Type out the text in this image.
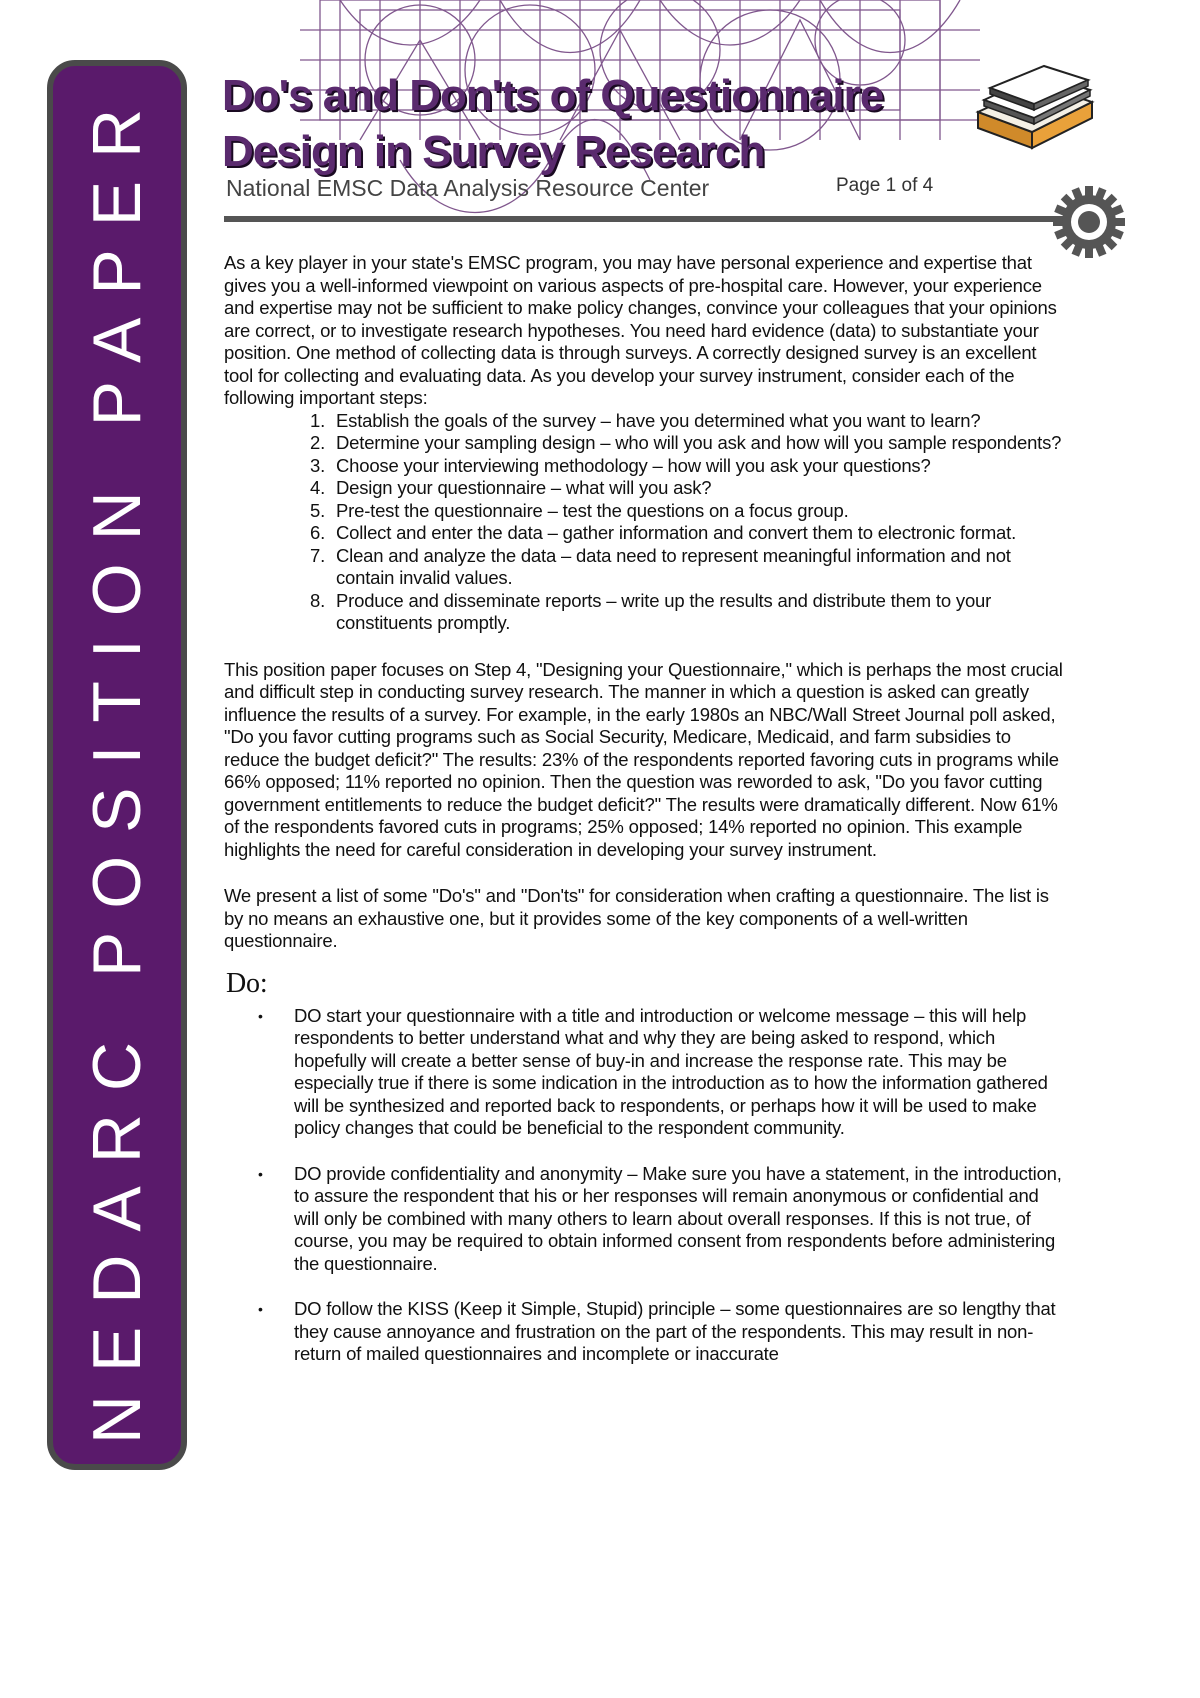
NEDARC POSITION PAPER Do's and Don'ts of Questionnaire
Design in Survey Research
National EMSC Data Analysis Resource Center	Page 1 of 4

As a key player in your state's EMSC program, you may have personal experience and expertise that gives you a well-informed viewpoint on various aspects of pre-hospital care. However, your experience and expertise may not be sufficient to make policy changes, convince your colleagues that your opinions are correct, or to investigate research hypotheses. You need hard evidence (data) to substantiate your position. One method of collecting data is through surveys. A correctly designed survey is an excellent tool for collecting and evaluating data. As you develop your survey instrument, consider each of the following important steps:

1. Establish the goals of the survey – have you determined what you want to learn?
2. Determine your sampling design – who will you ask and how will you sample respondents?
3. Choose your interviewing methodology – how will you ask your questions?
4. Design your questionnaire – what will you ask?
5. Pre-test the questionnaire – test the questions on a focus group.
6. Collect and enter the data – gather information and convert them to electronic format.
7. Clean and analyze the data – data need to represent meaningful information and not contain invalid values.
8. Produce and disseminate reports – write up the results and distribute them to your constituents promptly.

This position paper focuses on Step 4, "Designing your Questionnaire," which is perhaps the most crucial and difficult step in conducting survey research. The manner in which a question is asked can greatly influence the results of a survey. For example, in the early 1980s an NBC/Wall Street Journal poll asked, "Do you favor cutting programs such as Social Security, Medicare, Medicaid, and farm subsidies to reduce the budget deficit?" The results: 23% of the respondents reported favoring cuts in programs while 66% opposed; 11% reported no opinion. Then the question was reworded to ask, "Do you favor cutting government entitlements to reduce the budget deficit?" The results were dramatically different. Now 61% of the respondents favored cuts in programs; 25% opposed; 14% reported no opinion. This example highlights the need for careful consideration in developing your survey instrument.

We present a list of some "Do's" and "Don'ts" for consideration when crafting a questionnaire. The list is by no means an exhaustive one, but it provides some of the key components of a well-written questionnaire.

Do:
• DO start your questionnaire with a title and introduction or welcome message – this will help respondents to better understand what and why they are being asked to respond, which hopefully will create a better sense of buy-in and increase the response rate. This may be especially true if there is some indication in the introduction as to how the information gathered will be synthesized and reported back to respondents, or perhaps how it will be used to make policy changes that could be beneficial to the respondent community.
• DO provide confidentiality and anonymity – Make sure you have a statement, in the introduction, to assure the respondent that his or her responses will remain anonymous or confidential and will only be combined with many others to learn about overall responses. If this is not true, of course, you may be required to obtain informed consent from respondents before administering the questionnaire.
• DO follow the KISS (Keep it Simple, Stupid) principle – some questionnaires are so lengthy that they cause annoyance and frustration on the part of the respondents. This may result in non-return of mailed questionnaires and incomplete or inaccurate
